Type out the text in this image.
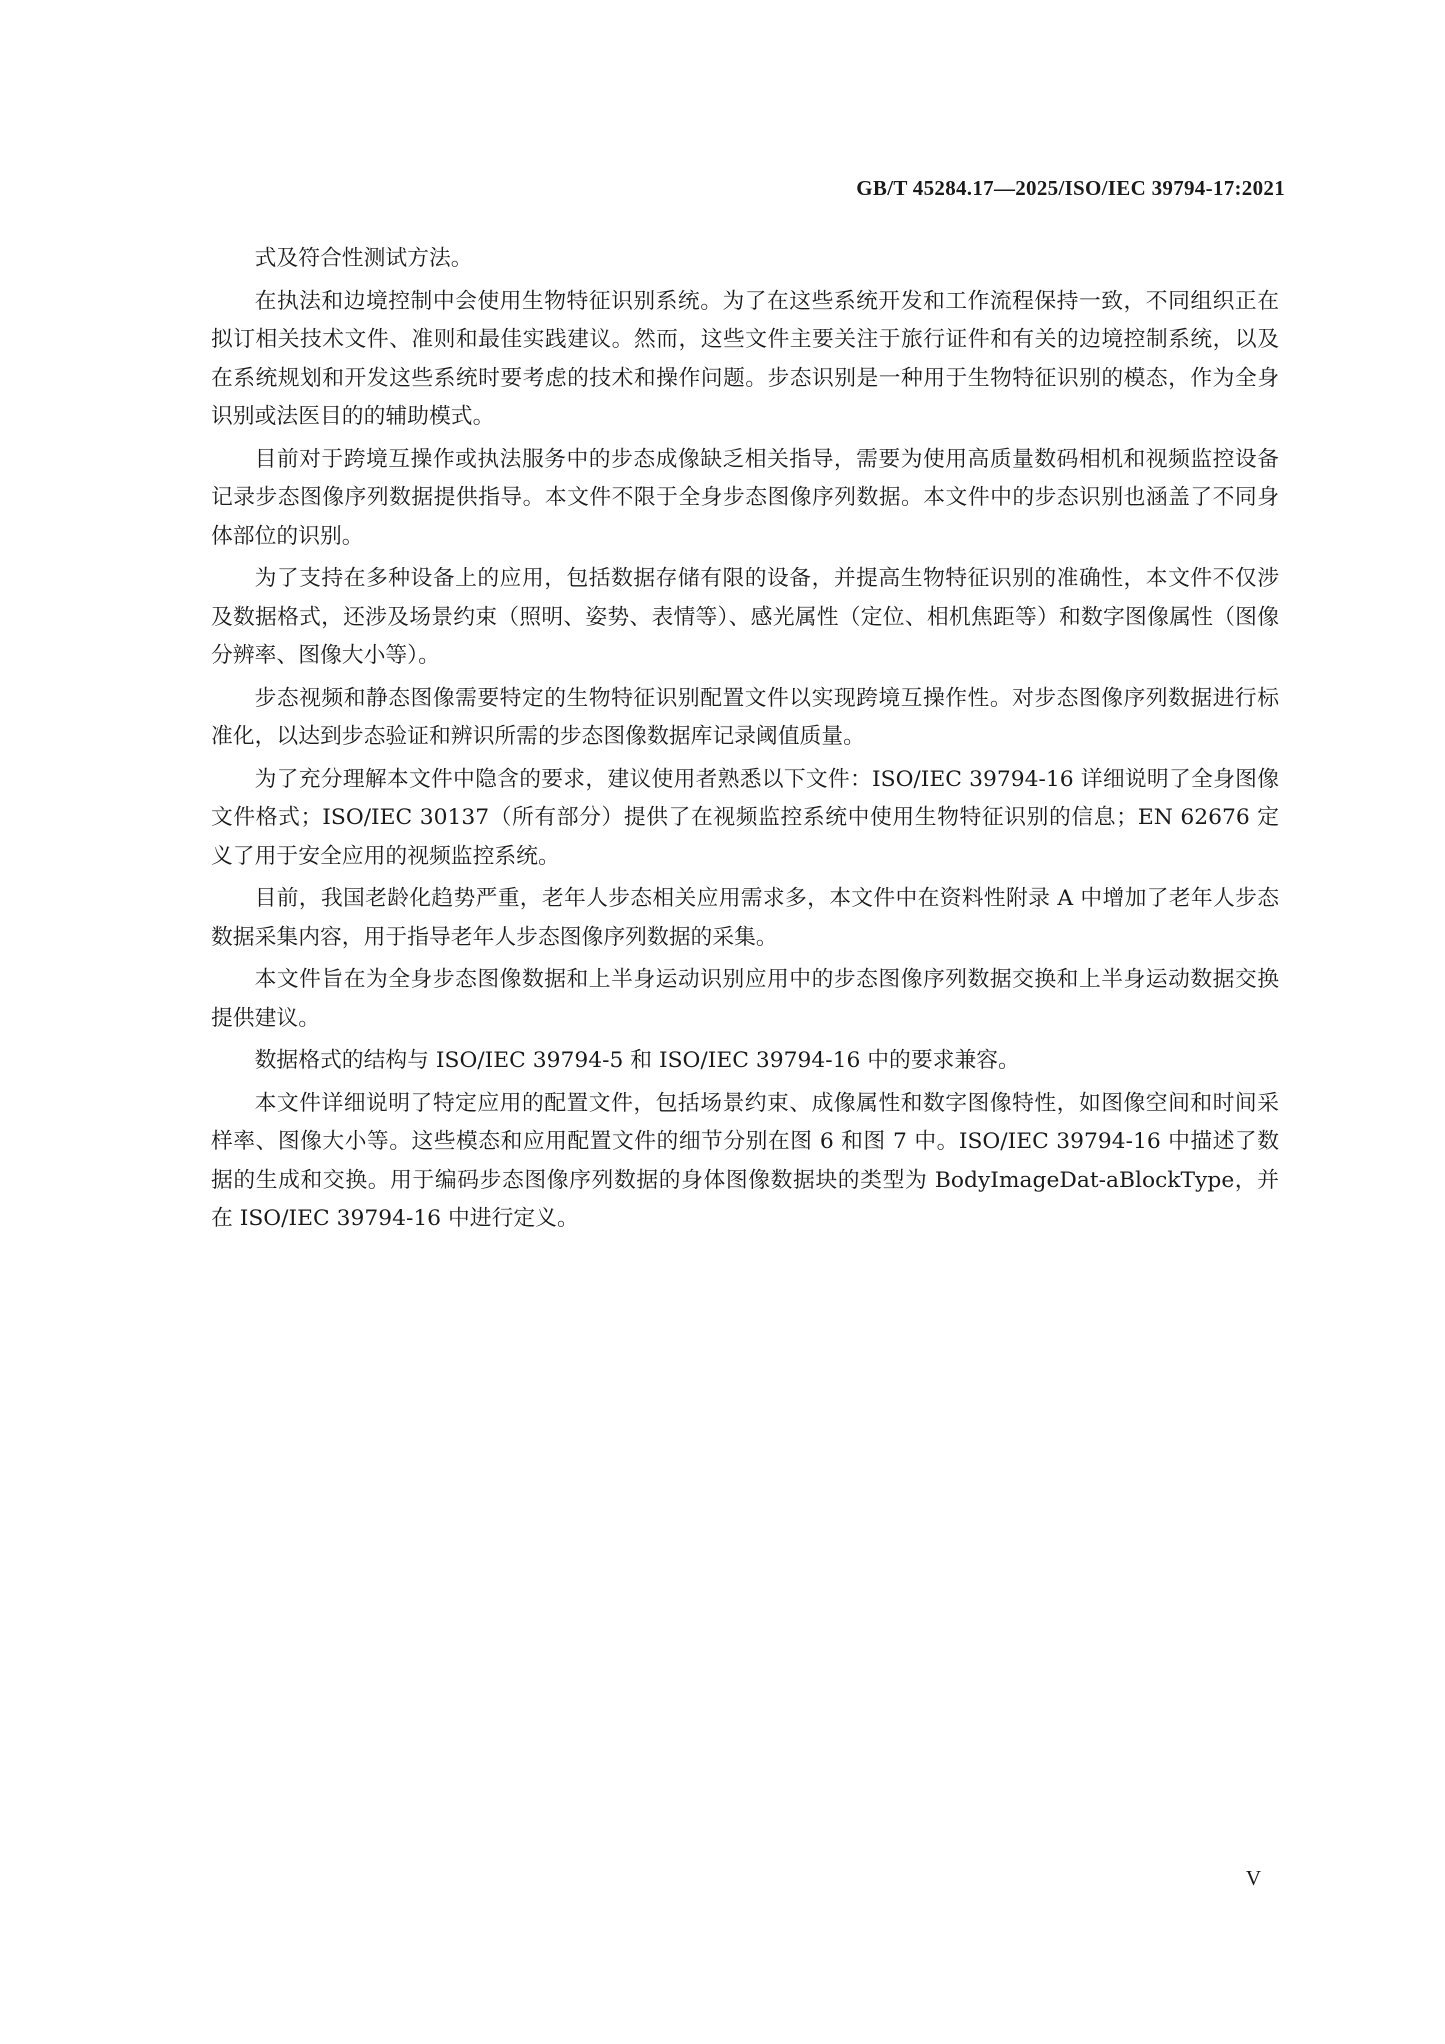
GB/T 45284.17—2025/ISO/IEC 39794-17:2021

式及符合性测试方法。

在执法和边境控制中会使用生物特征识别系统。为了在这些系统开发和工作流程保持一致，不同组织正在拟订相关技术文件、准则和最佳实践建议。然而，这些文件主要关注于旅行证件和有关的边境控制系统，以及在系统规划和开发这些系统时要考虑的技术和操作问题。步态识别是一种用于生物特征识别的模态，作为全身识别或法医目的的辅助模式。

目前对于跨境互操作或执法服务中的步态成像缺乏相关指导，需要为使用高质量数码相机和视频监控设备记录步态图像序列数据提供指导。本文件不限于全身步态图像序列数据。本文件中的步态识别也涵盖了不同身体部位的识别。

为了支持在多种设备上的应用，包括数据存储有限的设备，并提高生物特征识别的准确性，本文件不仅涉及数据格式，还涉及场景约束（照明、姿势、表情等）、感光属性（定位、相机焦距等）和数字图像属性（图像分辨率、图像大小等）。

步态视频和静态图像需要特定的生物特征识别配置文件以实现跨境互操作性。对步态图像序列数据进行标准化，以达到步态验证和辨识所需的步态图像数据库记录阈值质量。

为了充分理解本文件中隐含的要求，建议使用者熟悉以下文件：ISO/IEC 39794-16 详细说明了全身图像文件格式；ISO/IEC 30137（所有部分）提供了在视频监控系统中使用生物特征识别的信息；EN 62676 定义了用于安全应用的视频监控系统。

目前，我国老龄化趋势严重，老年人步态相关应用需求多，本文件中在资料性附录 A 中增加了老年人步态数据采集内容，用于指导老年人步态图像序列数据的采集。

本文件旨在为全身步态图像数据和上半身运动识别应用中的步态图像序列数据交换和上半身运动数据交换提供建议。

数据格式的结构与 ISO/IEC 39794-5 和 ISO/IEC 39794-16 中的要求兼容。

本文件详细说明了特定应用的配置文件，包括场景约束、成像属性和数字图像特性，如图像空间和时间采样率、图像大小等。这些模态和应用配置文件的细节分别在图 6 和图 7 中。ISO/IEC 39794-16 中描述了数据的生成和交换。用于编码步态图像序列数据的身体图像数据块的类型为 BodyImageDat-aBlockType，并在 ISO/IEC 39794-16 中进行定义。

V
